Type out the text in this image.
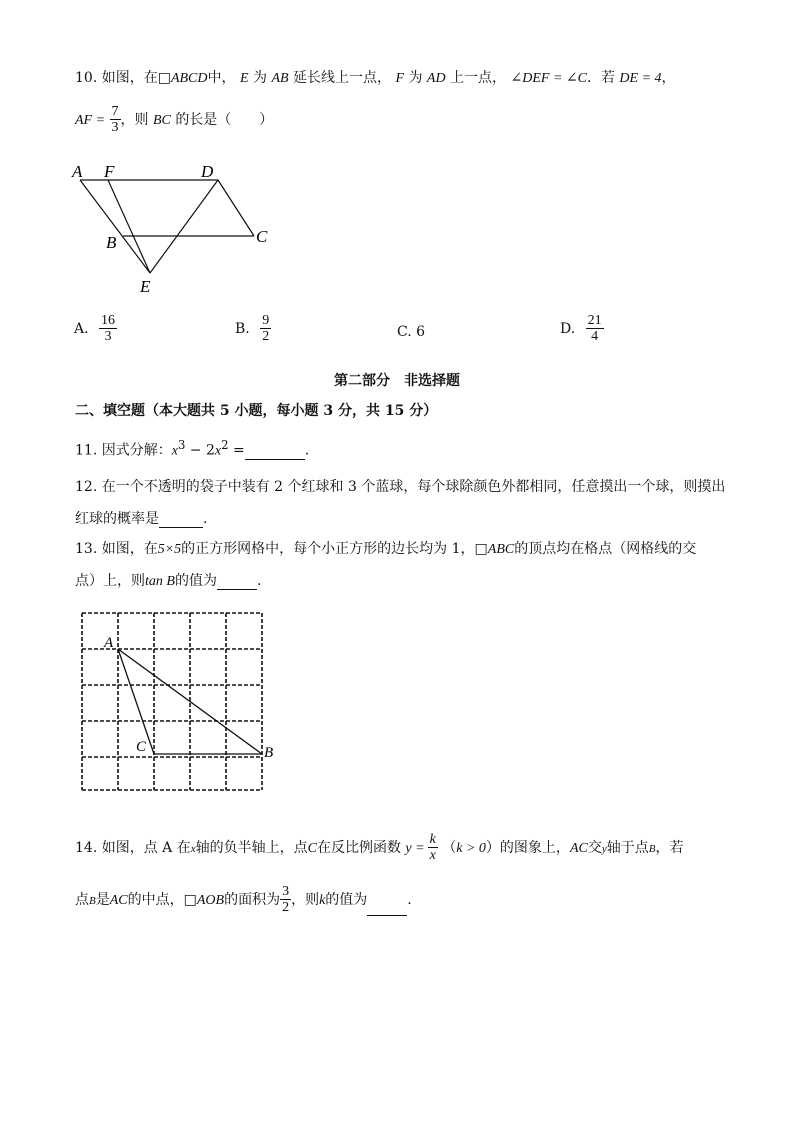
10. 如图，在□ABCD中， E 为 AB 延长线上一点， F 为 AD 上一点， ∠DEF = ∠C．若 DE = 4，
AF = $\frac{7}{3}$ ，则 BC 的长是（　　）
A F	D
B	C
E
A. $\frac{16}{3}$	B. $\frac{9}{2}$	C. 6	D. $\frac{21}{4}$
第二部分　非选择题
二、填空题（本大题共 5 小题，每小题 3 分，共 15 分）
11. 因式分解：$x^3 - 2x^2$ =	.
12. 在一个不透明的袋子中装有 2 个红球和 3 个蓝球，每个球除颜色外都相同，任意摸出一个球，则摸出
红球的概率是	.
13. 如图，在5×5的正方形网格中，每个小正方形的边长均为 1，□ABC的顶点均在格点（网格线的交
点）上，则tan B的值为	.
A
C	B
14. 如图，点 A 在x轴的负半轴上，点C在反比例函数 $y = \frac{k}{x} (k > 0)$的图象上，AC交y轴于点B，若
点B是AC的中点，□AOB的面积为 $\frac{3}{2}$ ，则k的值为	.
